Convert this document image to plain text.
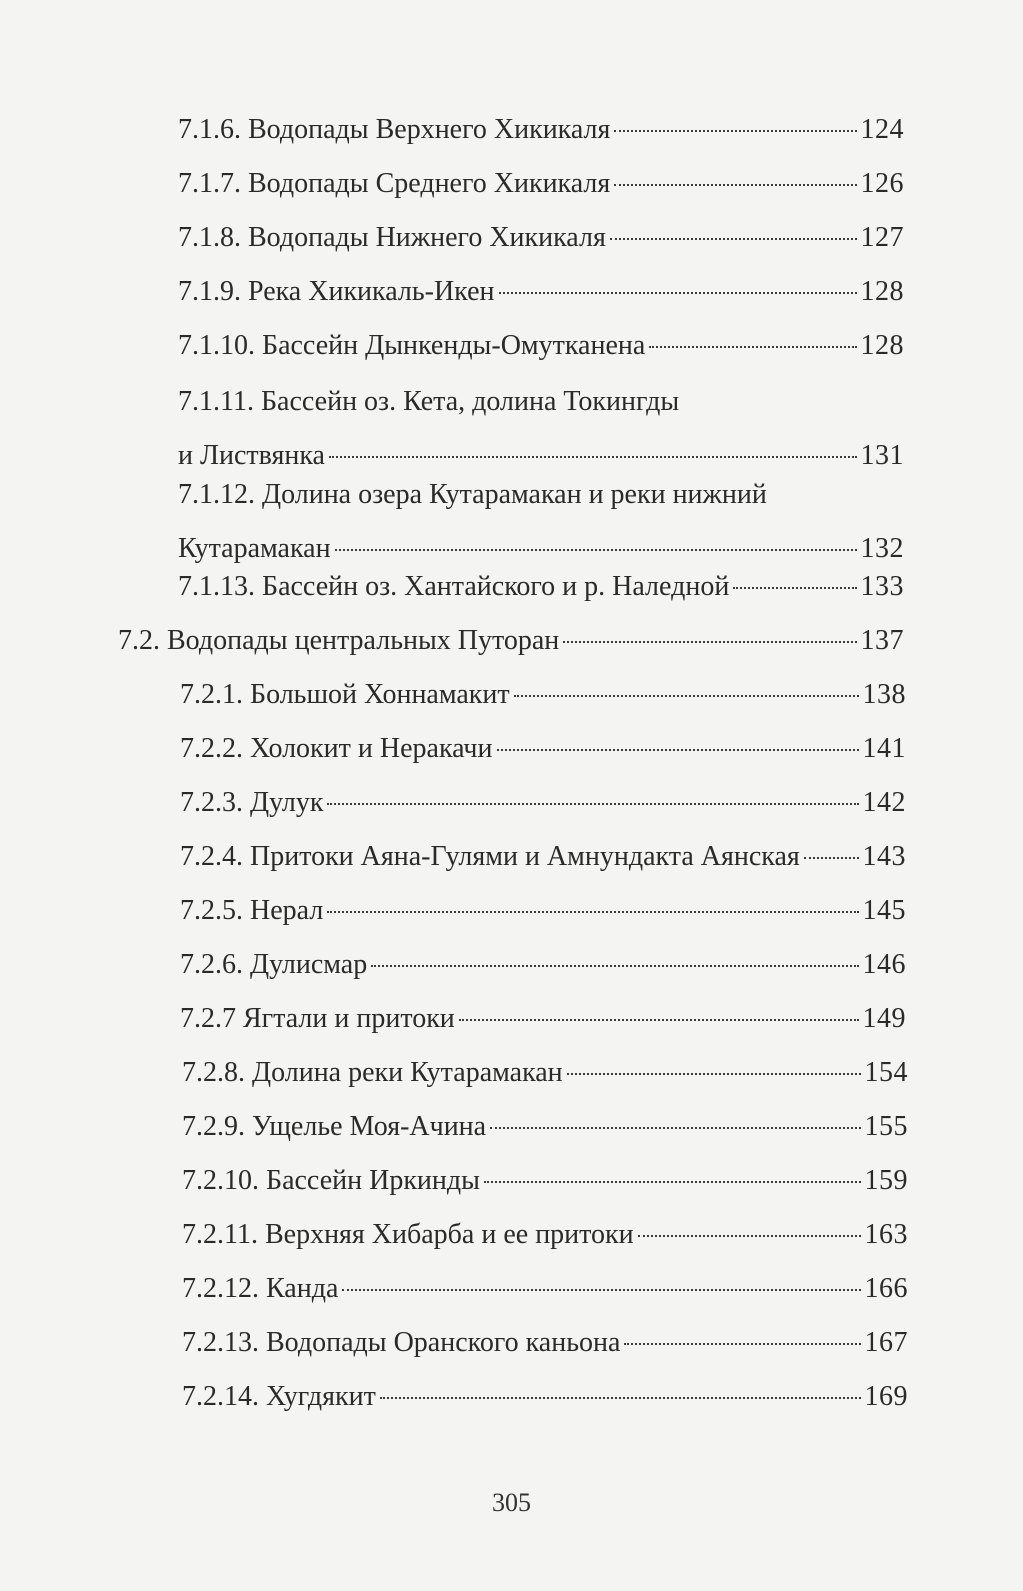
7.1.6. Водопады Верхнего Хикикаля	124
7.1.7. Водопады Среднего Хикикаля	126
7.1.8. Водопады Нижнего Хикикаля	127
7.1.9. Река Хикикаль-Икен	128
7.1.10. Бассейн Дынкенды-Омутканена	128
7.1.11. Бассейн оз. Кета, долина Токингды
и Листвянка	131
7.1.12. Долина озера Кутарамакан и реки нижний
Кутарамакан	132
7.1.13. Бассейн оз. Хантайского и р. Наледной	133
7.2. Водопады центральных Путоран	137
7.2.1. Большой Хоннамакит	138
7.2.2. Холокит и Неракачи	141
7.2.3. Дулук	142
7.2.4. Притоки Аяна-Гулями и Амнундакта Аянская 143
7.2.5. Нерал	145
7.2.6. Дулисмар	146
7.2.7 Ягтали и притоки	149
7.2.8. Долина реки Кутарамакан	154
7.2.9. Ущелье Моя-Ачина	155
7.2.10. Бассейн Иркинды	159
7.2.11. Верхняя Хибарба и ее притоки	163
7.2.12. Канда	166
7.2.13. Водопады Оранского каньона	167
7.2.14. Хугдякит	169
305
